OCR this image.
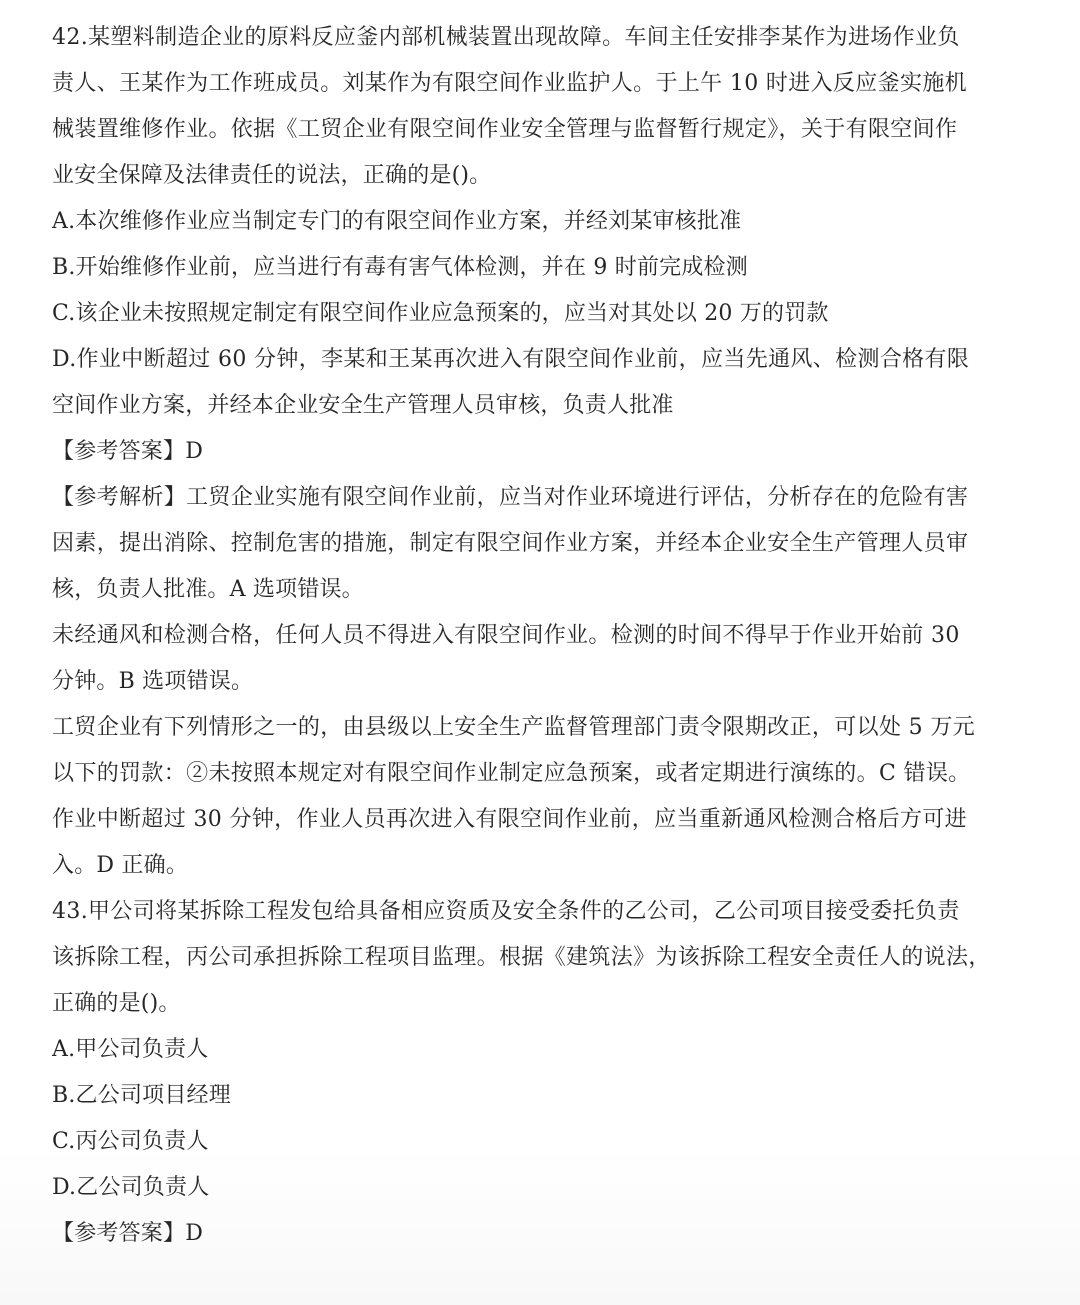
42.某塑料制造企业的原料反应釜内部机械装置出现故障。车间主任安排李某作为进场作业负
责人、王某作为工作班成员。刘某作为有限空间作业监护人。于上午 10 时进入反应釜实施机
械装置维修作业。依据《工贸企业有限空间作业安全管理与监督暂行规定》，关于有限空间作
业安全保障及法律责任的说法，正确的是()。
A.本次维修作业应当制定专门的有限空间作业方案，并经刘某审核批准
B.开始维修作业前，应当进行有毒有害气体检测，并在 9 时前完成检测
C.该企业未按照规定制定有限空间作业应急预案的，应当对其处以 20 万的罚款
D.作业中断超过 60 分钟，李某和王某再次进入有限空间作业前，应当先通风、检测合格有限
空间作业方案，并经本企业安全生产管理人员审核，负责人批准
【参考答案】D
【参考解析】工贸企业实施有限空间作业前，应当对作业环境进行评估，分析存在的危险有害
因素，提出消除、控制危害的措施，制定有限空间作业方案，并经本企业安全生产管理人员审
核，负责人批准。A 选项错误。
未经通风和检测合格，任何人员不得进入有限空间作业。检测的时间不得早于作业开始前 30
分钟。B 选项错误。
工贸企业有下列情形之一的，由县级以上安全生产监督管理部门责令限期改正，可以处 5 万元
以下的罚款：②未按照本规定对有限空间作业制定应急预案，或者定期进行演练的。C 错误。
作业中断超过 30 分钟，作业人员再次进入有限空间作业前，应当重新通风检测合格后方可进
入。D 正确。
43.甲公司将某拆除工程发包给具备相应资质及安全条件的乙公司，乙公司项目接受委托负责
该拆除工程，丙公司承担拆除工程项目监理。根据《建筑法》为该拆除工程安全责任人的说法，
正确的是()。
A.甲公司负责人
B.乙公司项目经理
C.丙公司负责人
D.乙公司负责人
【参考答案】D
